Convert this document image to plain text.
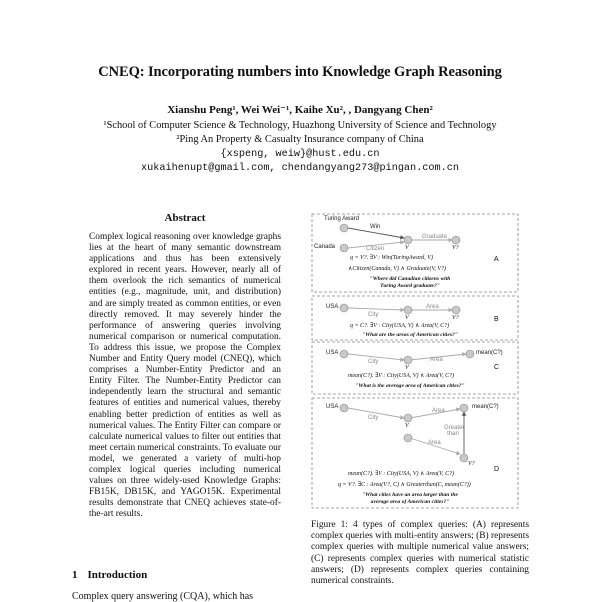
CNEQ: Incorporating numbers into Knowledge Graph Reasoning
Xianshu Peng¹, Wei Wei⁻¹, Kaihe Xu², , Dangyang Chen²
¹School of Computer Science & Technology, Huazhong University of Science and Technology
²Ping An Property & Casualty Insurance company of China
{xspeng, weiw}@hust.edu.cn
xukaihenupt@gmail.com, chendangyang273@pingan.com.cn
Abstract
Complex logical reasoning over knowledge graphs lies at the heart of many semantic downstream applications and thus has been extensively explored in recent years. However, nearly all of them overlook the rich semantics of numerical entities (e.g., magnitude, unit, and distribution) and are simply treated as common entities, or even directly removed. It may severely hinder the performance of answering queries involving numerical comparison or numerical computation. To address this issue, we propose the Complex Number and Entity Query model (CNEQ), which comprises a Number-Entity Predictor and an Entity Filter. The Number-Entity Predictor can independently learn the structural and semantic features of entities and numerical values, thereby enabling better prediction of entities as well as numerical values. The Entity Filter can compare or calculate numerical values to filter out entities that meet certain numerical constraints. To evaluate our model, we generated a variety of multi-hop complex logical queries including numerical values on three widely-used Knowledge Graphs: FB15K, DB15K, and YAGO15K. Experimental results demonstrate that CNEQ achieves state-of-the-art results.
1 Introduction
Complex query answering (CQA), which has
Turing Award
Canada
Win
Citizen
Graduate
V	V?
q = V?. ∃V : Win(TuringAward, V)
∧Citizen(Canada, V) ∧ Graduate(V, V?)
"Where did Canadian citizens with
Turing Award graduate?"
A
USA
City
Area
V	V?
q = C?. ∃V : City(USA, V) ∧ Area(V, C?)
"What are the areas of American cities?"
B
USA	mean(C?)
City	Area
V
mean(C?). ∃V : City(USA, V) ∧ Area(V, C?)
"What is the average area of American cities?"
C
USA	mean(C?)
City
Area
Area
Greater than
V
V?
mean(C?). ∃V : City(USA, V) ∧ Area(V, C?)
q = V?. ∃C : Area(V?, C) ∧ Greaterthan(C, mean(C?))
"What cities have an area larger than the
average area of American cities?"
D
Figure 1: 4 types of complex queries: (A) represents complex queries with multi-entity answers; (B) represents complex queries with multiple numerical value answers; (C) represents complex queries with numerical statistic answers; (D) represents complex queries containing numerical constraints.
